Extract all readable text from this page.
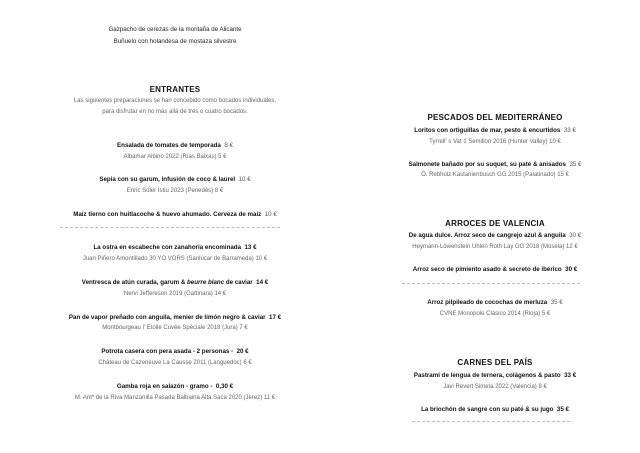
Gazpacho de cerezas de la montaña de Alicante
Buñuelo con holandesa de mostaza silvestre
ENTRANTES
Las siguientes preparaciones se han concebido como bocados individuales,
para disfrutar en no más allá de tres o cuatro bocados.
Ensalada de tomates de temporada 8 €
Albamar Albino 2022 (Rías Baixas) 5 €
Sepia con su garum, infusión de coco & laurel 10 €
Enric Soler Istiu 2023 (Penedès) 8 €
Maíz tierno con huitlacoche & huevo ahumado. Cerveza de maíz 10 €
La ostra en escabeche con zanahoria encominada 13 €
Juan Piñero Amontillado 30 YO VORS (Sanlúcar de Barrameda) 10 €
Ventresca de atún curada, garum & beurre blanc de caviar 14 €
Nervi Jeffereson 2019 (Gattinara) 14 €
Pan de vapor preñado con anguila, menier de limón negro & caviar 17 €
Montbourgeau l' Etoile Cuvée Spéciale 2018 (Jura) 7 €
Potrota casera con pera asada - 2 personas - 20 €
Château de Cazeneuve La Causse 2011 (Languedoc) 6 €
Gamba roja en salazón - gramo - 0,30 €
M. Antº de la Riva Manzanilla Pasada Balbaina Alta Saca 2020 (Jerez) 11 €
PESCADOS DEL MEDITERRÁNEO
Loritos con ortiguillas de mar, pesto & encurtidos 33 €
Tyrrell' s Vat 1 Semillon 2016 (Hunter Valley) 10 €
Salmonete bañado por su suquet, su paté & anisados 35 €
Ö. Rebholz Kastanienbusch GG 2015 (Palatinado) 15 €
ARROCES DE VALENCIA
De agua dulce. Arroz seco de cangrejo azul & anguila 30 €
Heymann-Löwenstein Uhlen Roth Lay GG 2018 (Mosela) 12 €
Arroz seco de pimiento asado & secreto de ibérico 30 €
Arroz pilpileado de cocochas de merluza 35 €
CVNE Monopole Clásico 2014 (Rioja) 5 €
CARNES DEL PAÍS
Pastrami de lengua de ternera, colágenos & pasto 33 €
Javi Revert Simeta 2022 (Valencia) 8 €
La briochón de sangre con su paté & su jugo 35 €
